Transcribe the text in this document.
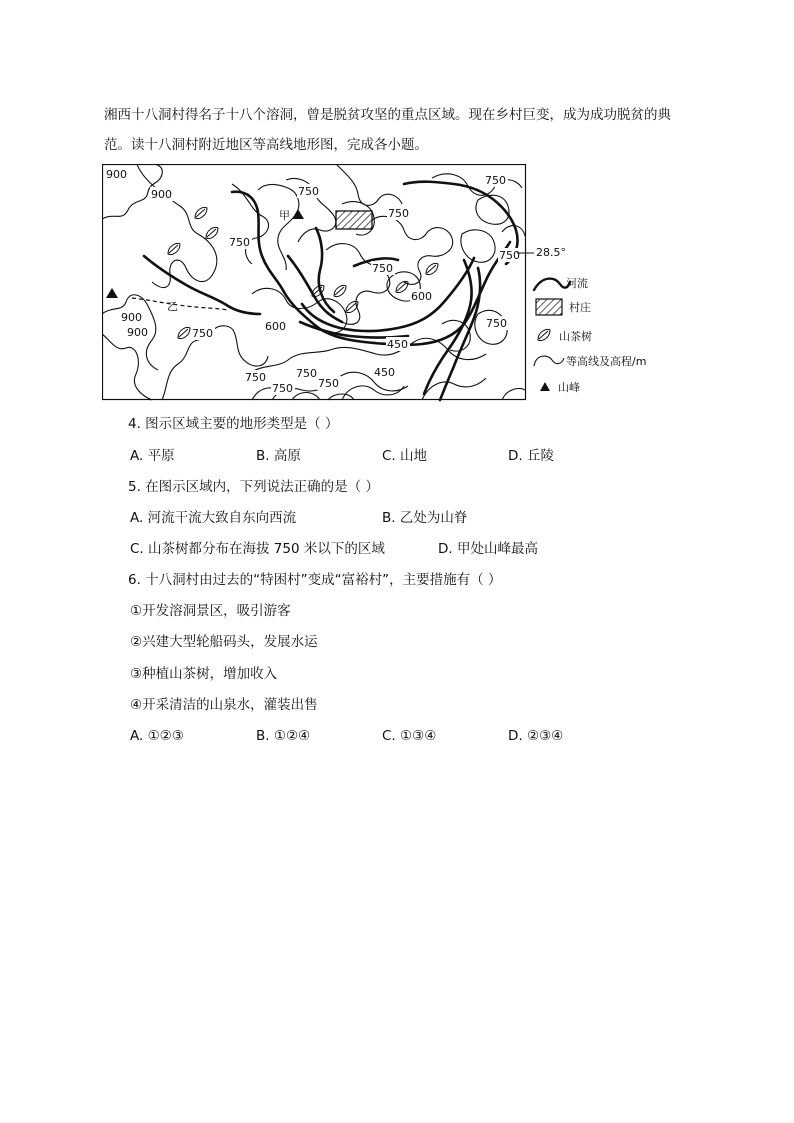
湘西十八洞村得名子十八个溶洞，曾是脱贫攻坚的重点区域。现在乡村巨变，成为成功脱贫的典
范。读十八洞村附近地区等高线地形图，完成各小题。
900
900
900
900
750
750
750
750
750
750
750
750
750
750
750
750
600
600
450
450
甲
乙
28.5°
河流
村庄
山茶树
等高线及高程/m
山峰
4. 图示区域主要的地形类型是（ ）
A. 平原	B. 高原	C. 山地	D. 丘陵
5. 在图示区域内，下列说法正确的是（ ）
A. 河流干流大致自东向西流	B. 乙处为山脊
C. 山茶树都分布在海拔 750 米以下的区域	D. 甲处山峰最高
6. 十八洞村由过去的“特困村”变成“富裕村”，主要措施有（ ）
①开发溶洞景区，吸引游客
②兴建大型轮船码头，发展水运
③种植山茶树，增加收入
④开采清洁的山泉水，灌装出售
A. ①②③	B. ①②④	C. ①③④	D. ②③④
